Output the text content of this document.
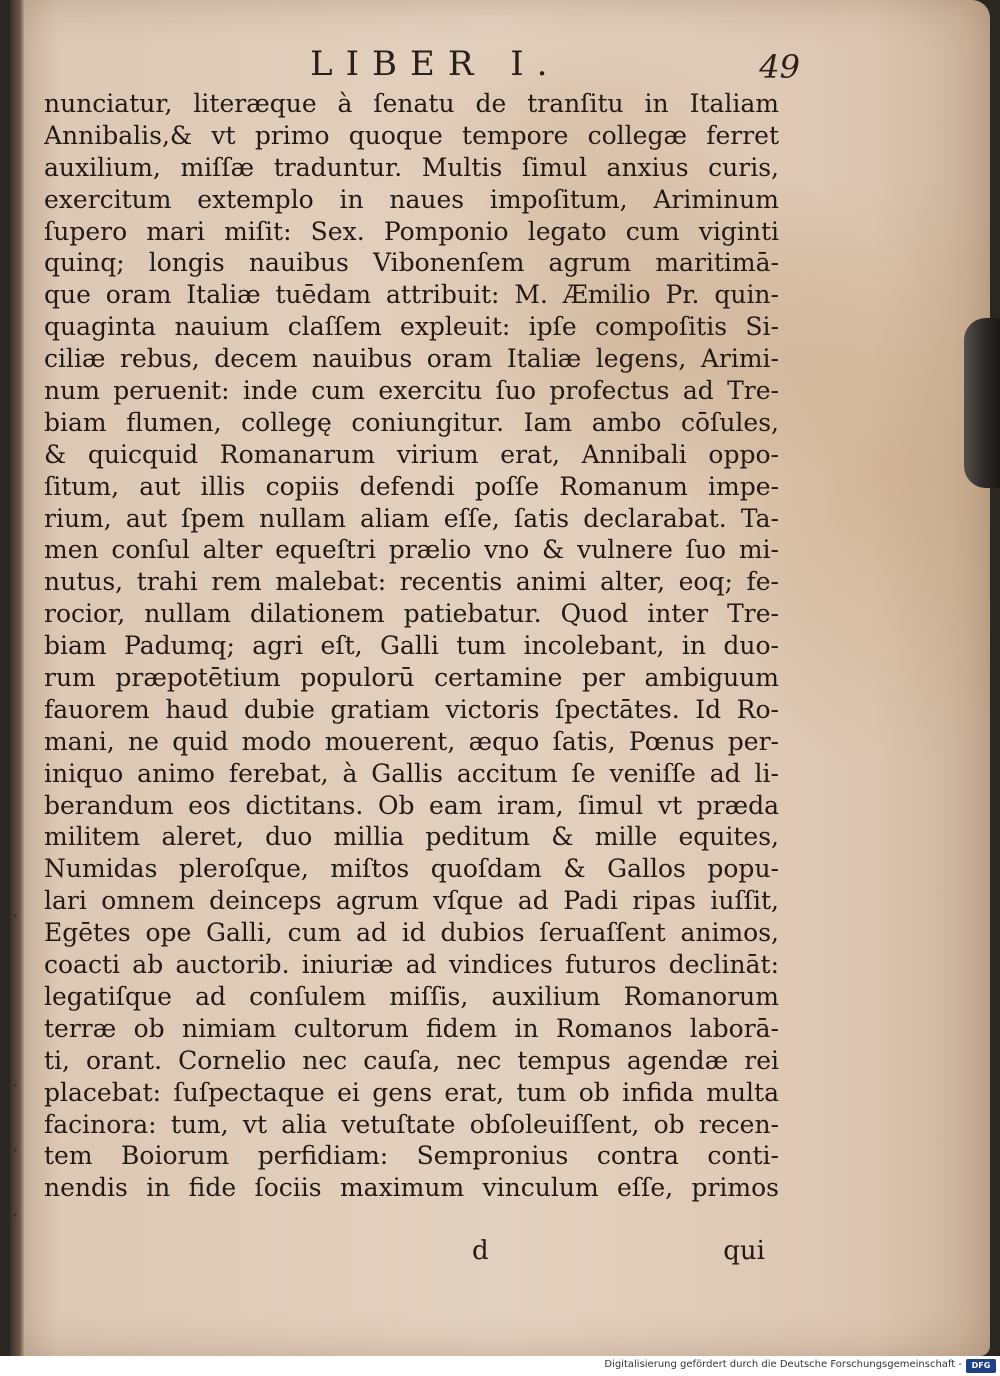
·
·
·
·
LIBER I.	49
nunciatur, literæque à ſenatu de tranſitu in Italiam
Annibalis,& vt primo quoque tempore collegæ ferret
auxilium, miſſæ traduntur. Multis ſimul anxius curis,
exercitum extemplo in naues impoſitum, Ariminum
ſupero mari miſit: Sex. Pomponio legato cum viginti
quinq; longis nauibus Vibonenſem agrum maritimā-
que oram Italiæ tuēdam attribuit: M. Æmilio Pr. quin-
quaginta nauium claſſem expleuit: ipſe compoſitis Si-
ciliæ rebus, decem nauibus oram Italiæ legens, Arimi-
num peruenit: inde cum exercitu ſuo profectus ad Tre-
biam flumen, collegę coniungitur. Iam ambo cōſules,
& quicquid Romanarum virium erat, Annibali oppo-
ſitum, aut illis copiis defendi poſſe Romanum impe-
rium, aut ſpem nullam aliam eſſe, ſatis declarabat. Ta-
men conſul alter equeſtri prælio vno & vulnere ſuo mi-
nutus, trahi rem malebat: recentis animi alter, eoq; fe-
rocior, nullam dilationem patiebatur. Quod inter Tre-
biam Padumq; agri eſt, Galli tum incolebant, in duo-
rum præpotētium populorū certamine per ambiguum
fauorem haud dubie gratiam victoris ſpectātes. Id Ro-
mani, ne quid modo mouerent, æquo ſatis, Pœnus per-
iniquo animo ferebat, à Gallis accitum ſe veniſſe ad li-
berandum eos dictitans. Ob eam iram, ſimul vt præda
militem aleret, duo millia peditum & mille equites,
Numidas pleroſque, miſtos quoſdam & Gallos popu-
lari omnem deinceps agrum vſque ad Padi ripas iuſſit,
Egētes ope Galli, cum ad id dubios ſeruaſſent animos,
coacti ab auctorib. iniuriæ ad vindices futuros declināt:
legatiſque ad conſulem miſſis, auxilium Romanorum
terræ ob nimiam cultorum fidem in Romanos laborā-
ti, orant. Cornelio nec cauſa, nec tempus agendæ rei
placebat: ſuſpectaque ei gens erat, tum ob infida multa
facinora: tum, vt alia vetuſtate obſoleuiſſent, ob recen-
tem Boiorum perfidiam: Sempronius contra conti-
nendis in fide ſociis maximum vinculum eſſe, primos
d	qui
Digitalisierung gefördert durch die Deutsche Forschungsgemeinschaft -	DFG
